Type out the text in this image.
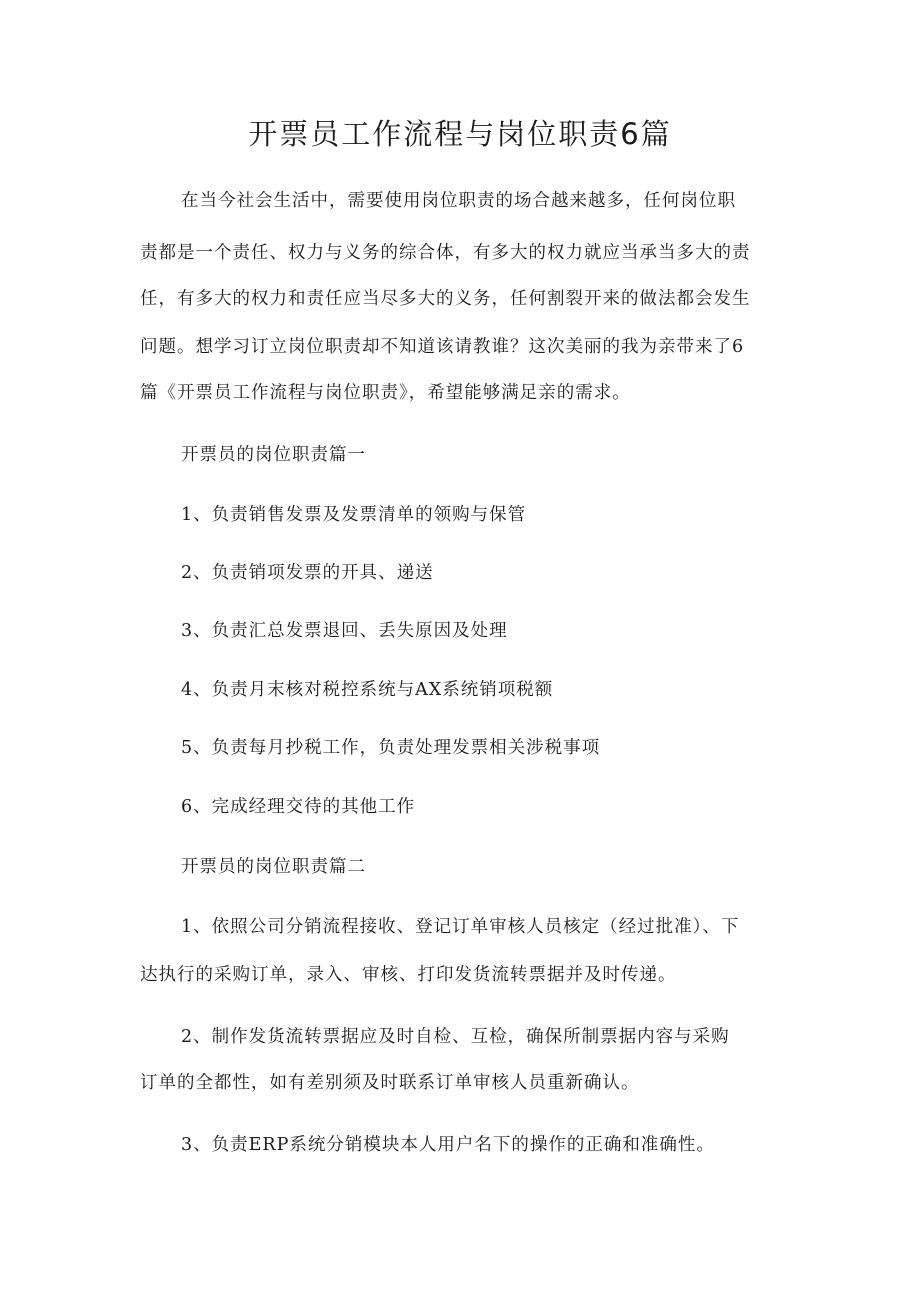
开票员工作流程与岗位职责6篇

在当今社会生活中，需要使用岗位职责的场合越来越多，任何岗位职

责都是一个责任、权力与义务的综合体，有多大的权力就应当承当多大的责

任，有多大的权力和责任应当尽多大的义务，任何割裂开来的做法都会发生

问题。想学习订立岗位职责却不知道该请教谁？这次美丽的我为亲带来了6

篇《开票员工作流程与岗位职责》，希望能够满足亲的需求。

开票员的岗位职责篇一

1、负责销售发票及发票清单的领购与保管

2、负责销项发票的开具、递送

3、负责汇总发票退回、丢失原因及处理

4、负责月末核对税控系统与AX系统销项税额

5、负责每月抄税工作，负责处理发票相关涉税事项

6、完成经理交待的其他工作

开票员的岗位职责篇二

1、依照公司分销流程接收、登记订单审核人员核定（经过批准）、下

达执行的采购订单，录入、审核、打印发货流转票据并及时传递。

2、制作发货流转票据应及时自检、互检，确保所制票据内容与采购

订单的全都性，如有差别须及时联系订单审核人员重新确认。

3、负责ERP系统分销模块本人用户名下的操作的正确和准确性。
